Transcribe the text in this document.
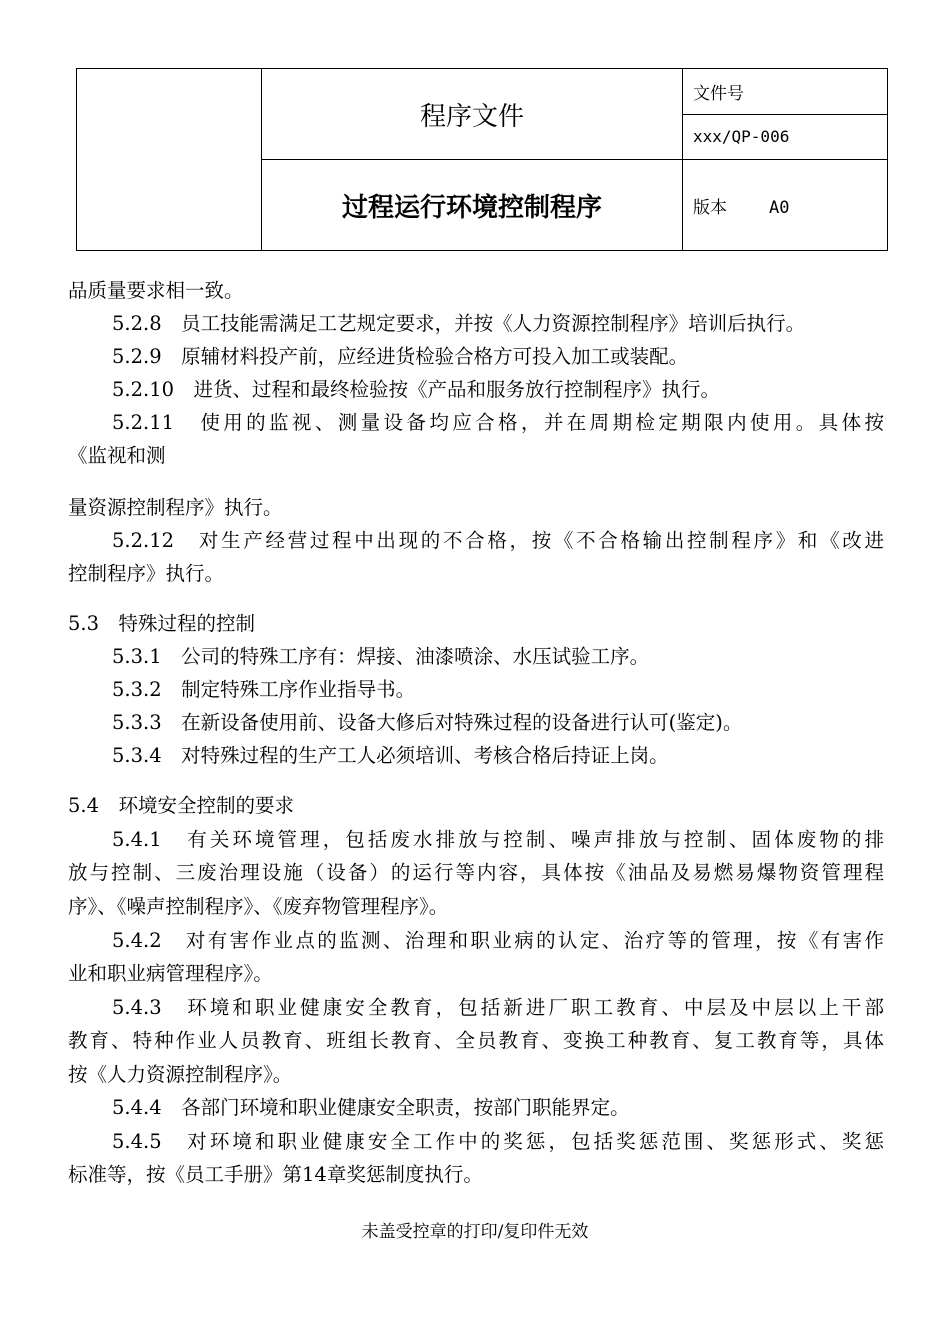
	程序文件	文件号
		xxx/QP-006
	过程运行环境控制程序	版本 A0

品质量要求相一致。
5.2.8　员工技能需满足工艺规定要求，并按《人力资源控制程序》培训后执行。
5.2.9　原辅材料投产前，应经进货检验合格方可投入加工或装配。
5.2.10　进货、过程和最终检验按《产品和服务放行控制程序》执行。
5.2.11　使用的监视、测量设备均应合格，并在周期检定期限内使用。具体按
《监视和测
量资源控制程序》执行。
5.2.12　对生产经营过程中出现的不合格，按《不合格输出控制程序》和《改进
控制程序》执行。
5.3　特殊过程的控制
5.3.1　公司的特殊工序有：焊接、油漆喷涂、水压试验工序。
5.3.2　制定特殊工序作业指导书。
5.3.3　在新设备使用前、设备大修后对特殊过程的设备进行认可(鉴定)。
5.3.4　对特殊过程的生产工人必须培训、考核合格后持证上岗。
5.4　环境安全控制的要求
5.4.1　有关环境管理，包括废水排放与控制、噪声排放与控制、固体废物的排
放与控制、三废治理设施（设备）的运行等内容，具体按《油品及易燃易爆物资管理程
序》、《噪声控制程序》、《废弃物管理程序》。
5.4.2　对有害作业点的监测、治理和职业病的认定、治疗等的管理，按《有害作
业和职业病管理程序》。
5.4.3　环境和职业健康安全教育，包括新进厂职工教育、中层及中层以上干部
教育、特种作业人员教育、班组长教育、全员教育、变换工种教育、复工教育等，具体
按《人力资源控制程序》。
5.4.4　各部门环境和职业健康安全职责，按部门职能界定。
5.4.5　对环境和职业健康安全工作中的奖惩，包括奖惩范围、奖惩形式、奖惩
标准等，按《员工手册》第14章奖惩制度执行。
未盖受控章的打印/复印件无效
